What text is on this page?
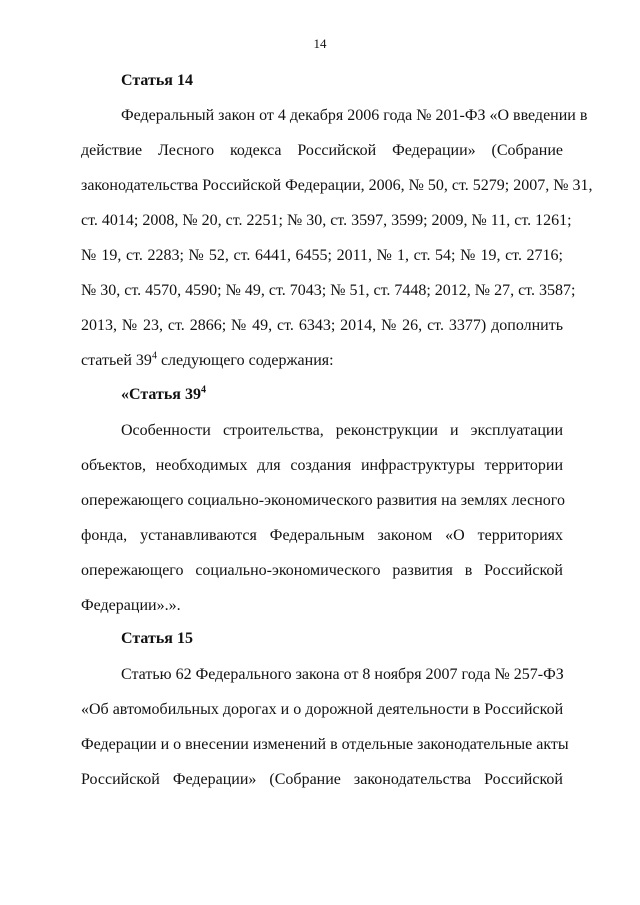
14
Статья 14
Федеральный закон от 4 декабря 2006 года № 201-ФЗ «О введении в
действие Лесного кодекса Российской Федерации» (Собрание
законодательства Российской Федерации, 2006, № 50, ст. 5279; 2007, № 31,
ст. 4014; 2008, № 20, ст. 2251; № 30, ст. 3597, 3599; 2009, № 11, ст. 1261;
№ 19, ст. 2283; № 52, ст. 6441, 6455; 2011, № 1, ст. 54; № 19, ст. 2716;
№ 30, ст. 4570, 4590; № 49, ст. 7043; № 51, ст. 7448; 2012, № 27, ст. 3587;
2013, № 23, ст. 2866; № 49, ст. 6343; 2014, № 26, ст. 3377) дополнить
статьей $39^4$ следующего содержания:
«Статья $39^4$
Особенности строительства, реконструкции и эксплуатации
объектов, необходимых для создания инфраструктуры территории
опережающего социально-экономического развития на землях лесного
фонда, устанавливаются Федеральным законом «О территориях
опережающего социально-экономического развития в Российской
Федерации».».
Статья 15
Статью 62 Федерального закона от 8 ноября 2007 года № 257-ФЗ
«Об автомобильных дорогах и о дорожной деятельности в Российской
Федерации и о внесении изменений в отдельные законодательные акты
Российской Федерации» (Собрание законодательства Российской
